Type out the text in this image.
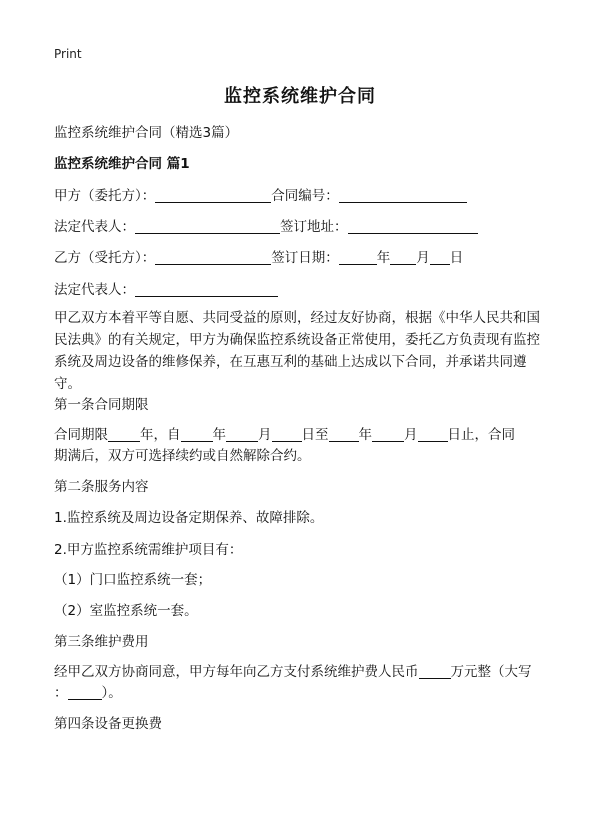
Print
监控系统维护合同
监控系统维护合同（精选3篇）
监控系统维护合同 篇1
甲方（委托方）：	合同编号：
法定代表人：	签订地址：
乙方（受托方）：	签订日期：	年 月 日
法定代表人：
甲乙双方本着平等自愿、共同受益的原则，经过友好协商，根据《中华人民共和国民法典》的有关规定，甲方为确保监控系统设备正常使用，委托乙方负责现有监控系统及周边设备的维修保养，在互惠互利的基础上达成以下合同，并承诺共同遵守。
第一条合同期限
合同期限 年，自 年 月 日至 年 月 日止，合同
期满后，双方可选择续约或自然解除合约。
第二条服务内容
1.监控系统及周边设备定期保养、故障排除。
2.甲方监控系统需维护项目有：
（1）门口监控系统一套；
（2）室监控系统一套。
第三条维护费用
经甲乙双方协商同意，甲方每年向乙方支付系统维护费人民币 万元整（大写
：	）。
第四条设备更换费
